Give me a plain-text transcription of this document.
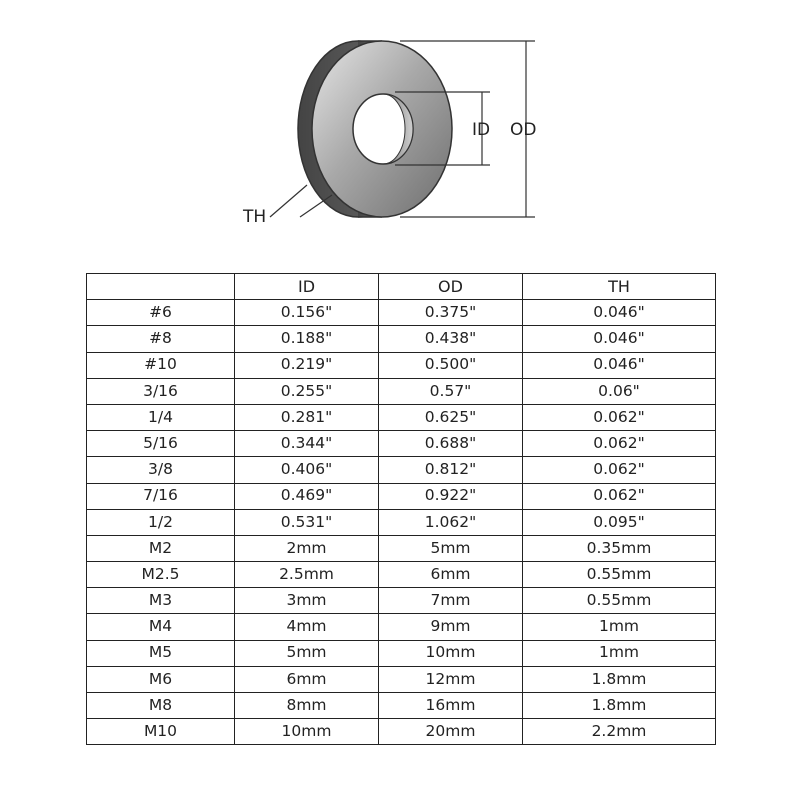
ID OD
TH
	ID	OD	TH
#6	0.156"	0.375"	0.046"
#8	0.188"	0.438"	0.046"
#10	0.219"	0.500"	0.046"
3/16	0.255"	0.57"	0.06"
1/4	0.281"	0.625"	0.062"
5/16	0.344"	0.688"	0.062"
3/8	0.406"	0.812"	0.062"
7/16	0.469"	0.922"	0.062"
1/2	0.531"	1.062"	0.095"
M2	2mm	5mm	0.35mm
M2.5	2.5mm	6mm	0.55mm
M3	3mm	7mm	0.55mm
M4	4mm	9mm	1mm
M5	5mm	10mm	1mm
M6	6mm	12mm	1.8mm
M8	8mm	16mm	1.8mm
M10	10mm	20mm	2.2mm
